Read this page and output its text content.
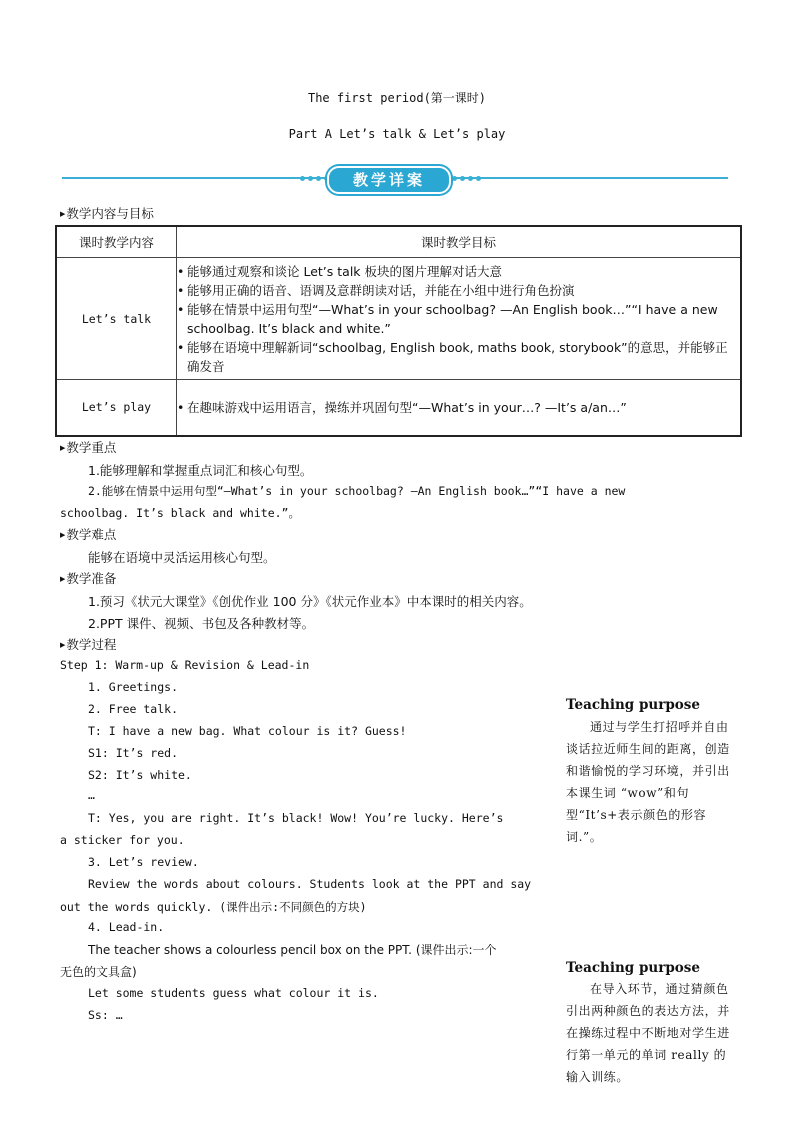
The first period(第一课时)
Part A Let’s talk & Let’s play
教学详案
▶ 教学内容与目标
课时教学内容	课时教学目标
Let’s talk	• 能够通过观察和谈论 Let’s talk 板块的图片理解对话大意
• 能够用正确的语音、语调及意群朗读对话，并能在小组中进行角色扮演
• 能够在情景中运用句型“—What’s in your schoolbag? —An English book…”“I have a new schoolbag. It’s black and white.”
• 能够在语境中理解新词“schoolbag, English book, maths book, storybook”的意思，并能够正确发音

Let’s play	• 在趣味游戏中运用语言，操练并巩固句型“—What’s in your…? —It’s a/an…”
▶ 教学重点
1.能够理解和掌握重点词汇和核心句型。
2.能够在情景中运用句型“—What’s in your schoolbag? —An English book…”“I have a new
schoolbag. It’s black and white.”。
▶ 教学难点
能够在语境中灵活运用核心句型。
▶ 教学准备
1.预习《状元大课堂》《创优作业 100 分》《状元作业本》中本课时的相关内容。
2.PPT 课件、视频、书包及各种教材等。
▶ 教学过程
Step 1: Warm-up & Revision & Lead-in
1. Greetings.
2. Free talk.
T: I have a new bag. What colour is it? Guess!
S1: It’s red.
S2: It’s white.
…
T: Yes, you are right. It’s black! Wow! You’re lucky. Here’s
a sticker for you.
3. Let’s review.
Review the words about colours. Students look at the PPT and say
out the words quickly. (课件出示:不同颜色的方块)
4. Lead-in.
The teacher shows a colourless pencil box on the PPT. (课件出示:一个
无色的文具盒)
Let some students guess what colour it is.
Ss: …
Teaching purpose
通过与学生打招呼并自由谈话拉近师生间的距离，创造和谐愉悦的学习环境，并引出本课生词 “wow”和句型“It’s+表示颜色的形容词.”。
Teaching purpose
在导入环节，通过猜颜色引出两种颜色的表达方法，并在操练过程中不断地对学生进行第一单元的单词 really 的输入训练。
